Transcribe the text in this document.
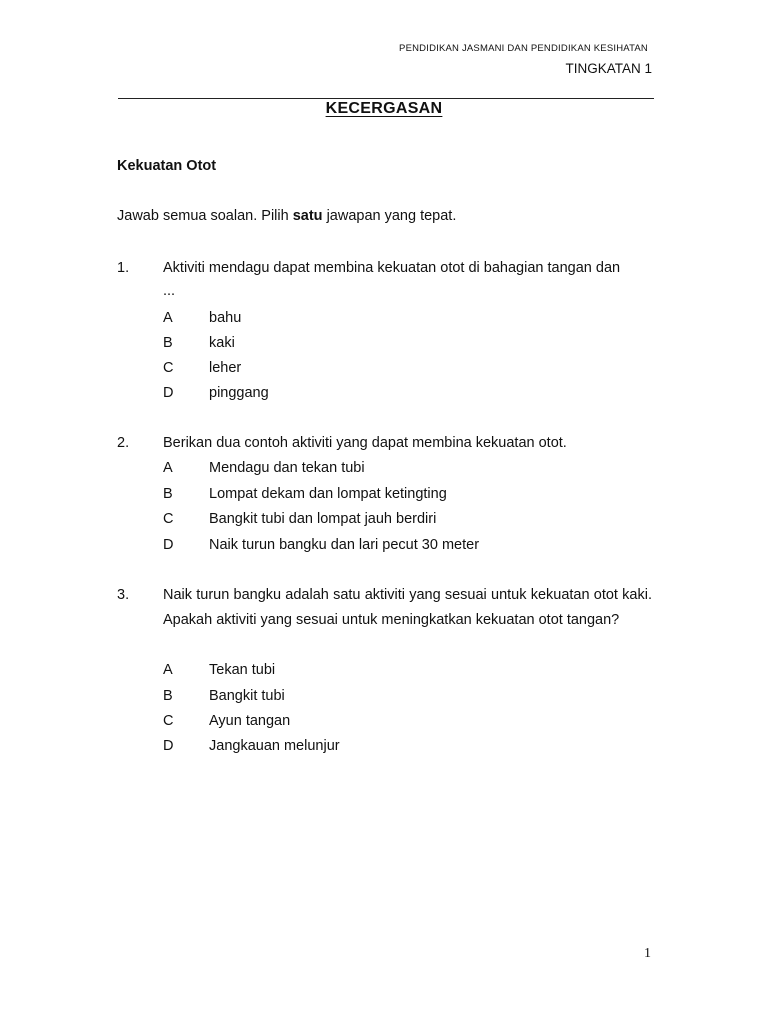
PENDIDIKAN JASMANI DAN PENDIDIKAN KESIHATAN
TINGKATAN 1
KECERGASAN
Kekuatan Otot
Jawab semua soalan. Pilih satu jawapan yang tepat.
1. Aktiviti mendagu dapat membina kekuatan otot di bahagian tangan dan
...
A	bahu
B	kaki
C leher
D pinggang
2. Berikan dua contoh aktiviti yang dapat membina kekuatan otot.
A	Mendagu dan tekan tubi
B	Lompat dekam dan lompat ketingting
C Bangkit tubi dan lompat jauh berdiri
D Naik turun bangku dan lari pecut 30 meter
3. Naik turun bangku adalah satu aktiviti yang sesuai untuk kekuatan otot kaki. Apakah aktiviti yang sesuai untuk meningkatkan kekuatan otot tangan?
A	Tekan tubi
B	Bangkit tubi
C Ayun tangan
D Jangkauan melunjur
1
